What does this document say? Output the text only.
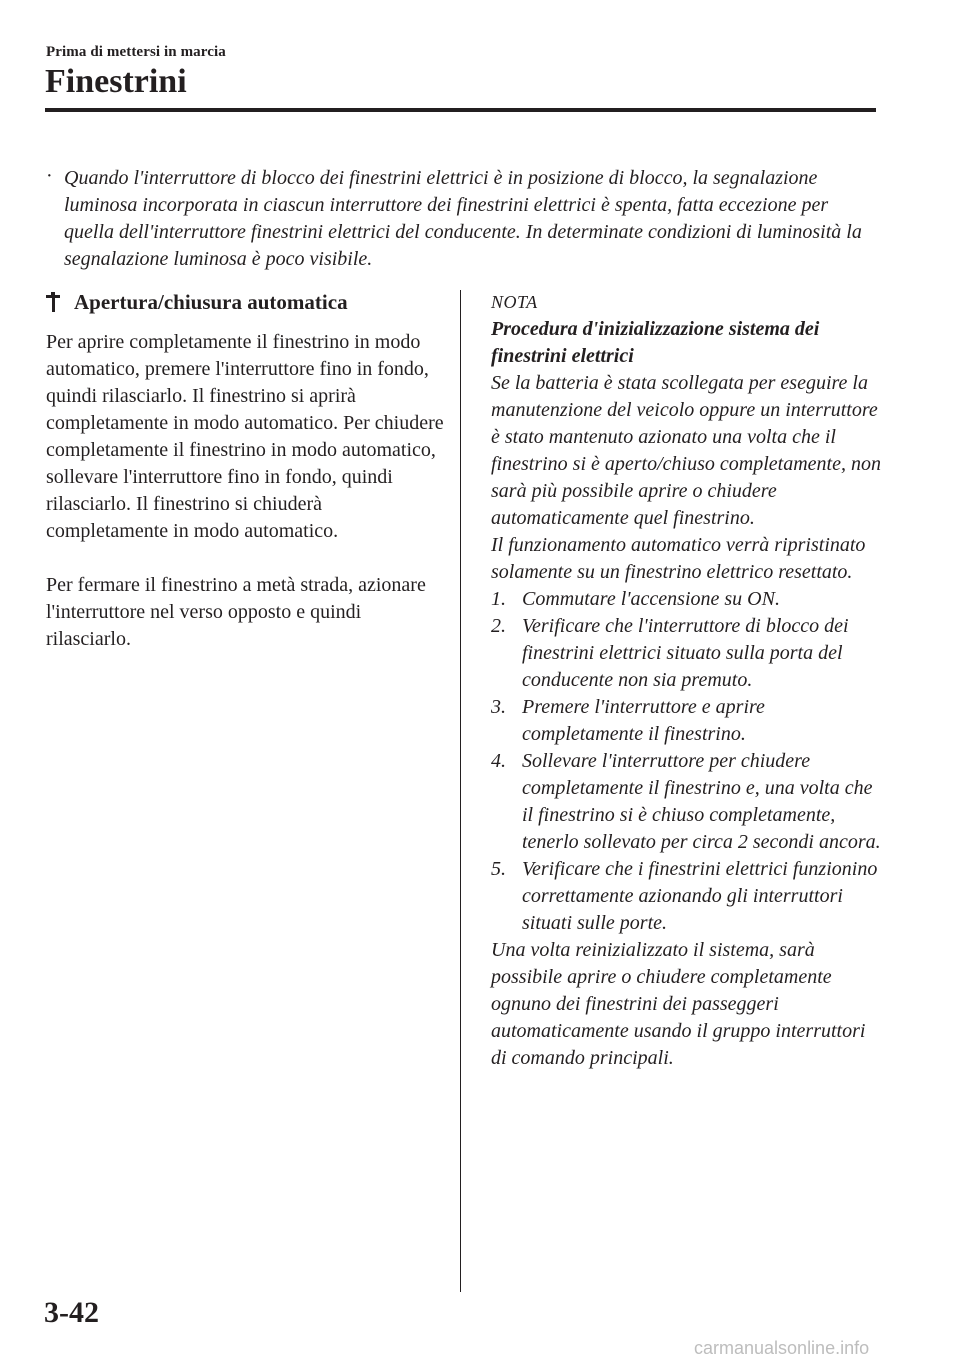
Prima di mettersi in marcia
Finestrini
· Quando l'interruttore di blocco dei finestrini elettrici è in posizione di blocco, la segnalazione luminosa incorporata in ciascun interruttore dei finestrini elettrici è spenta, fatta eccezione per quella dell'interruttore finestrini elettrici del conducente. In determinate condizioni di luminosità la segnalazione luminosa è poco visibile.
Apertura/chiusura automatica

Per aprire completamente il finestrino in modo automatico, premere l'interruttore fino in fondo, quindi rilasciarlo. Il finestrino si aprirà completamente in modo automatico. Per chiudere completamente il finestrino in modo automatico, sollevare l'interruttore fino in fondo, quindi rilasciarlo. Il finestrino si chiuderà completamente in modo automatico.

Per fermare il finestrino a metà strada, azionare l'interruttore nel verso opposto e quindi rilasciarlo.

NOTA

Procedura d'inizializzazione sistema dei finestrini elettrici

Se la batteria è stata scollegata per eseguire la manutenzione del veicolo oppure un interruttore è stato mantenuto azionato una volta che il finestrino si è aperto/chiuso completamente, non sarà più possibile aprire o chiudere automaticamente quel finestrino.

Il funzionamento automatico verrà ripristinato solamente su un finestrino elettrico resettato.

1. Commutare l'accensione su ON.
2. Verificare che l'interruttore di blocco dei finestrini elettrici situato sulla porta del conducente non sia premuto.
3. Premere l'interruttore e aprire completamente il finestrino.
4. Sollevare l'interruttore per chiudere completamente il finestrino e, una volta che il finestrino si è chiuso completamente, tenerlo sollevato per circa 2 secondi ancora.
5. Verificare che i finestrini elettrici funzionino correttamente azionando gli interruttori situati sulle porte.

Una volta reinizializzato il sistema, sarà possibile aprire o chiudere completamente ognuno dei finestrini dei passeggeri automaticamente usando il gruppo interruttori di comando principali.

3-42
carmanualsonline.info
